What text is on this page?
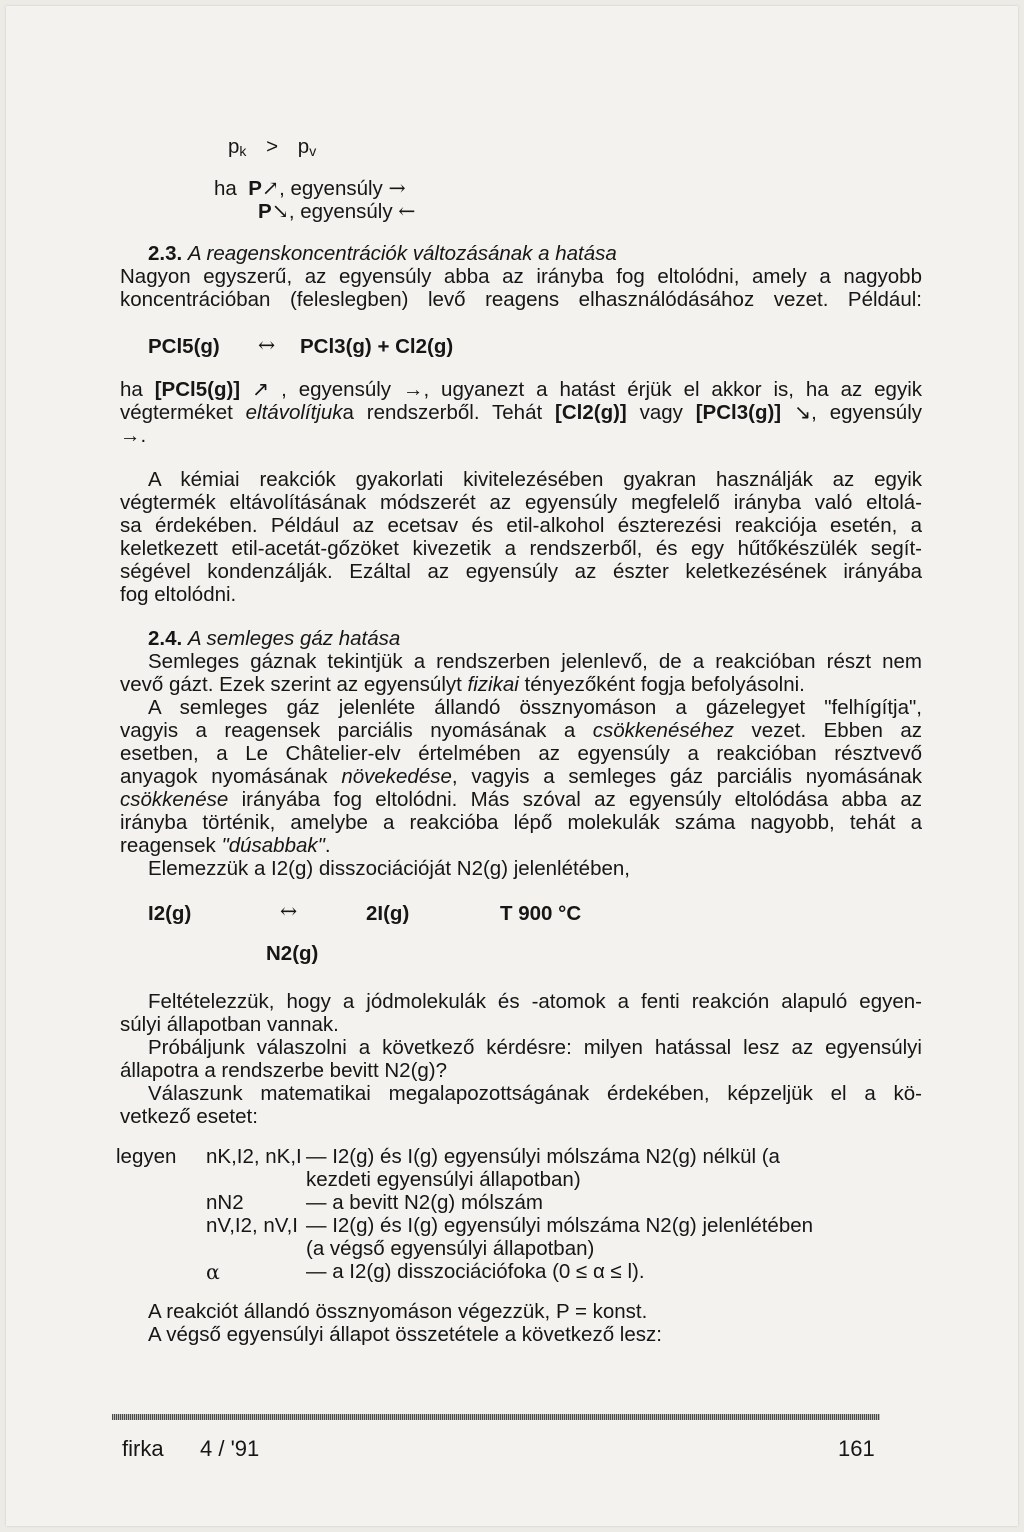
$p_k > p_v$
ha P↗, egyensúly →
P↘, egyensúly ←
2.3. A reagenskoncentrációk változásának a hatása
Nagyon egyszerű, az egyensúly abba az irányba fog eltolódni, amely a nagyobb
koncentrációban (feleslegben) levő reagens elhasználódásához vezet. Például:
PCl5(g) ↔ PCl3(g) + Cl2(g)
ha [PCl5(g)] ↗ , egyensúly →, ugyanezt a hatást érjük el akkor is, ha az egyik
végterméket eltávolítjuka rendszerből. Tehát [Cl2(g)] vagy [PCl3(g)] ↘, egyensúly
→.
A kémiai reakciók gyakorlati kivitelezésében gyakran használják az egyik
végtermék eltávolításának módszerét az egyensúly megfelelő irányba való eltolá-
sa érdekében. Például az ecetsav és etil-alkohol észterezési reakciója esetén, a
keletkezett etil-acetát-gőzöket kivezetik a rendszerből, és egy hűtőkészülék segít-
ségével kondenzálják. Ezáltal az egyensúly az észter keletkezésének irányába
fog eltolódni.
2.4. A semleges gáz hatása
Semleges gáznak tekintjük a rendszerben jelenlevő, de a reakcióban részt nem
vevő gázt. Ezek szerint az egyensúlyt fizikai tényezőként fogja befolyásolni.
A semleges gáz jelenléte állandó össznyomáson a gázelegyet "felhígítja",
vagyis a reagensek parciális nyomásának a csökkenéséhez vezet. Ebben az
esetben, a Le Châtelier-elv értelmében az egyensúly a reakcióban résztvevő
anyagok nyomásának növekedése, vagyis a semleges gáz parciális nyomásának
csökkenése irányába fog eltolódni. Más szóval az egyensúly eltolódása abba az
irányba történik, amelybe a reakcióba lépő molekulák száma nagyobb, tehát a
reagensek "dúsabbak".
Elemezzük a I2(g) disszociációját N2(g) jelenlétében,
I2(g)	↔	2I(g)	T 900 °C
N2(g)
Feltételezzük, hogy a jódmolekulák és -atomok a fenti reakción alapuló egyen-
súlyi állapotban vannak.
Próbáljunk válaszolni a következő kérdésre: milyen hatással lesz az egyensúlyi
állapotra a rendszerbe bevitt N2(g)?
Válaszunk matematikai megalapozottságának érdekében, képzeljük el a kö-
vetkező esetet:
legyen nK,I2, nK,I — I2(g) és I(g) egyensúlyi mólszáma N2(g) nélkül (a
kezdeti egyensúlyi állapotban)
nN2	— a bevitt N2(g) mólszám
nV,I2, nV,I — I2(g) és I(g) egyensúlyi mólszáma N2(g) jelenlétében
(a végső egyensúlyi állapotban)
α	— a I2(g) disszociációfoka (0 ≤ α ≤ l).
A reakciót állandó össznyomáson végezzük, P = konst.
A végső egyensúlyi állapot összetétele a következő lesz:
firka 4 / '91	161
